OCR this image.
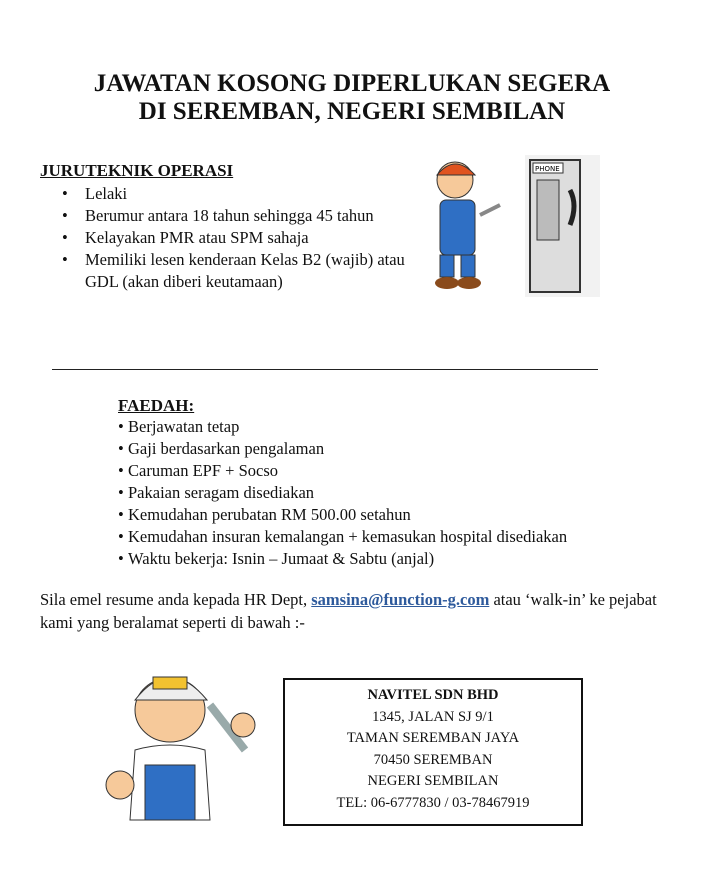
JAWATAN KOSONG DIPERLUKAN SEGERA
DI SEREMBAN, NEGERI SEMBILAN
JURUTEKNIK OPERASI
• Lelaki
• Berumur antara 18 tahun sehingga 45 tahun
• Kelayakan PMR atau SPM sahaja
• Memiliki lesen kenderaan Kelas B2 (wajib) atau GDL (akan diberi keutamaan)
PHONE
FAEDAH:
• Berjawatan tetap
• Gaji berdasarkan pengalaman
• Caruman EPF + Socso
• Pakaian seragam disediakan
• Kemudahan perubatan RM 500.00 setahun
• Kemudahan insuran kemalangan + kemasukan hospital disediakan
• Waktu bekerja: Isnin – Jumaat & Sabtu (anjal)
Sila emel resume anda kepada HR Dept, samsina@function-g.com atau ‘walk-in’ ke pejabat kami yang beralamat seperti di bawah :-
NAVITEL SDN BHD
1345, JALAN SJ 9/1
TAMAN SEREMBAN JAYA
70450 SEREMBAN
NEGERI SEMBILAN
TEL: 06-6777830 / 03-78467919
